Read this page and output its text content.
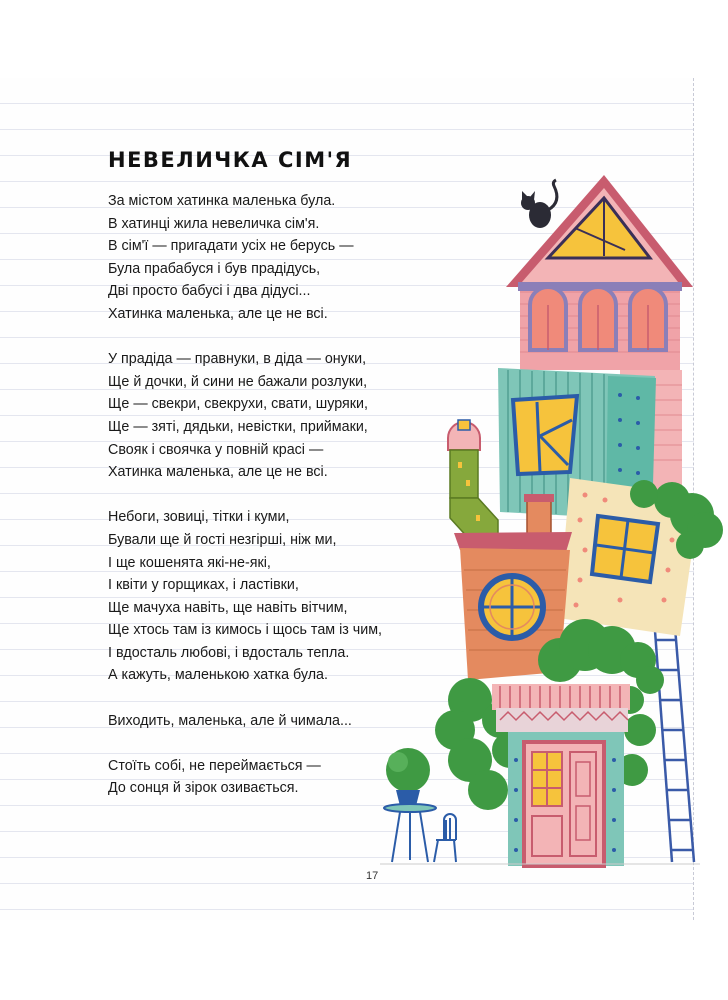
НЕВЕЛИЧКА СІМ'Я

За містом хатинка маленька була.
В хатинці жила невеличка сім'я.
В сім'ї — пригадати усіх не берусь —
Була прабабуся і був прадідусь,
Дві просто бабусі і два дідусі...
Хатинка маленька, але це не всі.

У прадіда — правнуки, в діда — онуки,
Ще й дочки, й сини не бажали розлуки,
Ще — свекри, свекрухи, свати, шуряки,
Ще — зяті, дядьки, невістки, приймаки,
Свояк і своячка у повній красі —
Хатинка маленька, але це не всі.

Небоги, зовиці, тітки і куми,
Бували ще й гості незгірші, ніж ми,
І ще кошенята які-не-які,
І квіти у горщиках, і ластівки,
Ще мачуха навіть, ще навіть вітчим,
Ще хтось там із кимось і щось там із чим,
І вдосталь любові, і вдосталь тепла.
А кажуть, маленькою хатка була.

Виходить, маленька, але й чимала...

Стоїть собі, не переймається —
До сонця й зірок озивається.

17
